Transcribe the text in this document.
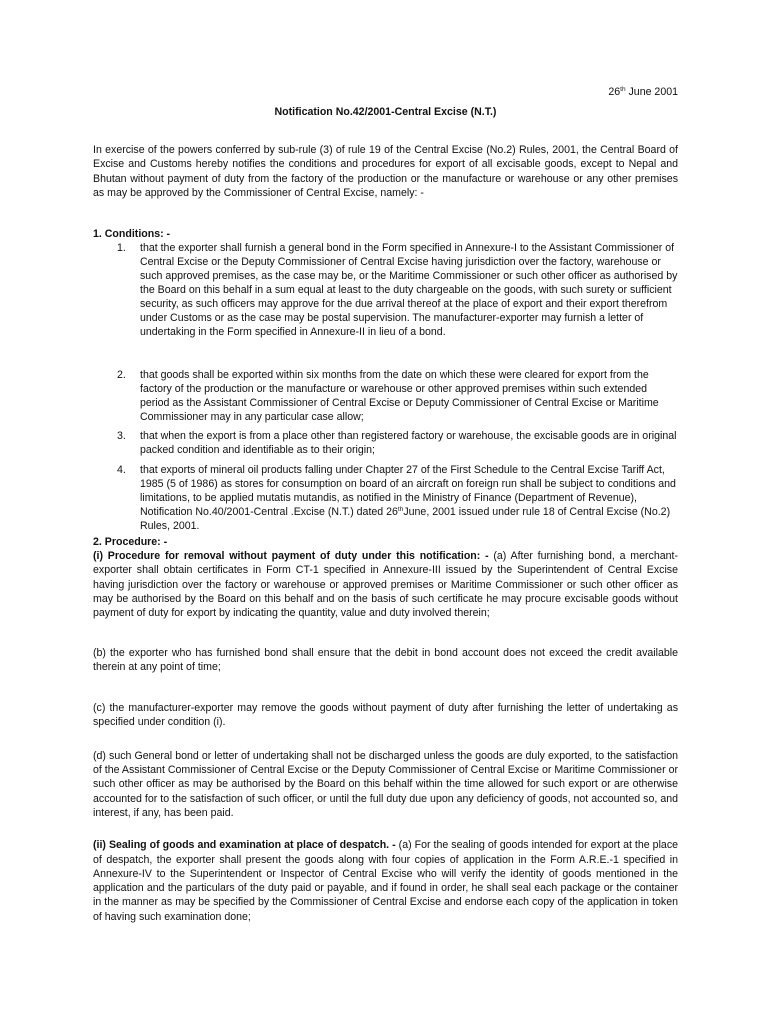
26th June 2001
Notification No.42/2001-Central Excise (N.T.)

In exercise of the powers conferred by sub-rule (3) of rule 19 of the Central Excise (No.2) Rules, 2001, the Central Board of Excise and Customs hereby notifies the conditions and procedures for export of all excisable goods, except to Nepal and Bhutan without payment of duty from the factory of the production or the manufacture or warehouse or any other premises as may be approved by the Commissioner of Central Excise, namely: -

1. Conditions: -
1. that the exporter shall furnish a general bond in the Form specified in Annexure-I to the Assistant Commissioner of Central Excise or the Deputy Commissioner of Central Excise having jurisdiction over the factory, warehouse or such approved premises, as the case may be, or the Maritime Commissioner or such other officer as authorised by the Board on this behalf in a sum equal at least to the duty chargeable on the goods, with such surety or sufficient security, as such officers may approve for the due arrival thereof at the place of export and their export therefrom under Customs or as the case may be postal supervision. The manufacturer-exporter may furnish a letter of undertaking in the Form specified in Annexure-II in lieu of a bond.
2. that goods shall be exported within six months from the date on which these were cleared for export from the factory of the production or the manufacture or warehouse or other approved premises within such extended period as the Assistant Commissioner of Central Excise or Deputy Commissioner of Central Excise or Maritime Commissioner may in any particular case allow;
3. that when the export is from a place other than registered factory or warehouse, the excisable goods are in original packed condition and identifiable as to their origin;
4. that exports of mineral oil products falling under Chapter 27 of the First Schedule to the Central Excise Tariff Act, 1985 (5 of 1986) as stores for consumption on board of an aircraft on foreign run shall be subject to conditions and limitations, to be applied mutatis mutandis, as notified in the Ministry of Finance (Department of Revenue), Notification No.40/2001-Central .Excise (N.T.) dated 26thJune, 2001 issued under rule 18 of Central Excise (No.2) Rules, 2001.
2. Procedure: -

(i) Procedure for removal without payment of duty under this notification: - (a) After furnishing bond, a merchant-exporter shall obtain certificates in Form CT-1 specified in Annexure-III issued by the Superintendent of Central Excise having jurisdiction over the factory or warehouse or approved premises or Maritime Commissioner or such other officer as may be authorised by the Board on this behalf and on the basis of such certificate he may procure excisable goods without payment of duty for export by indicating the quantity, value and duty involved therein;

(b) the exporter who has furnished bond shall ensure that the debit in bond account does not exceed the credit available therein at any point of time;

(c) the manufacturer-exporter may remove the goods without payment of duty after furnishing the letter of undertaking as specified under condition (i).

(d) such General bond or letter of undertaking shall not be discharged unless the goods are duly exported, to the satisfaction of the Assistant Commissioner of Central Excise or the Deputy Commissioner of Central Excise or Maritime Commissioner or such other officer as may be authorised by the Board on this behalf within the time allowed for such export or are otherwise accounted for to the satisfaction of such officer, or until the full duty due upon any deficiency of goods, not accounted so, and interest, if any, has been paid.

(ii) Sealing of goods and examination at place of despatch. - (a) For the sealing of goods intended for export at the place of despatch, the exporter shall present the goods along with four copies of application in the Form A.R.E.-1 specified in Annexure-IV to the Superintendent or Inspector of Central Excise who will verify the identity of goods mentioned in the application and the particulars of the duty paid or payable, and if found in order, he shall seal each package or the container in the manner as may be specified by the Commissioner of Central Excise and endorse each copy of the application in token of having such examination done;
